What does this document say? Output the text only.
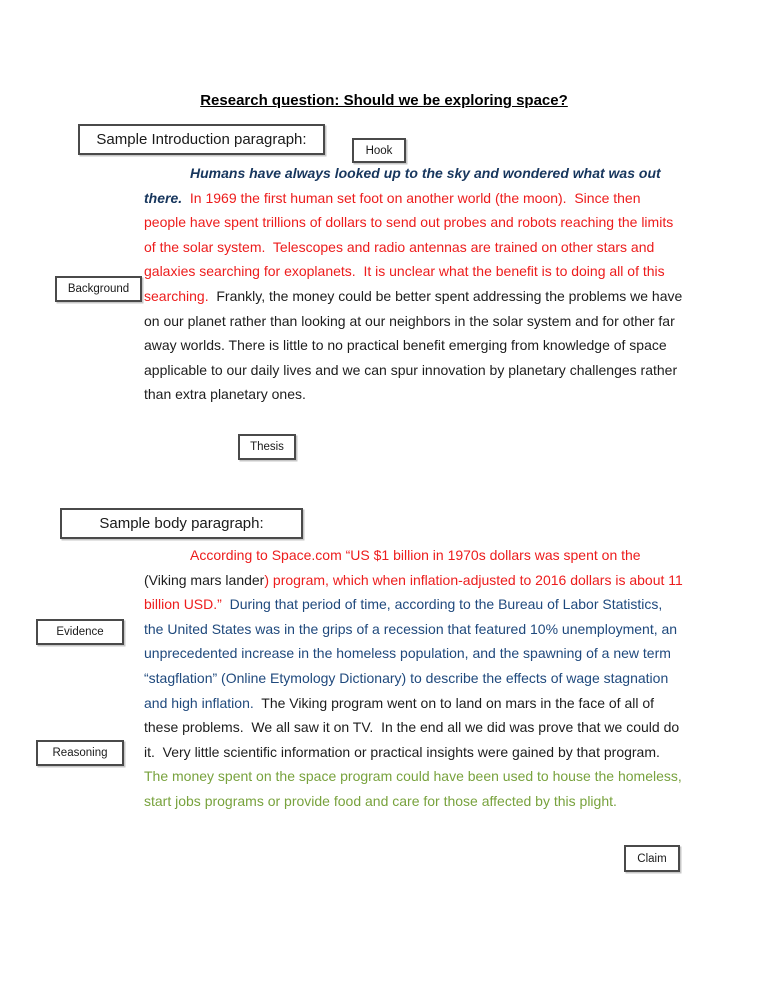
Research question: Should we be exploring space?
Sample Introduction paragraph:
Hook
Humans have always looked up to the sky and wondered what was out there.  In 1969 the first human set foot on another world (the moon).  Since then people have spent trillions of dollars to send out probes and robots reaching the limits of the solar system.  Telescopes and radio antennas are trained on other stars and galaxies searching for exoplanets.  It is unclear what the benefit is to doing all of this searching.  Frankly, the money could be better spent addressing the problems we have on our planet rather than looking at our neighbors in the solar system and for other far away worlds. There is little to no practical benefit emerging from knowledge of space applicable to our daily lives and we can spur innovation by planetary challenges rather than extra planetary ones.
Background
Thesis
Sample body paragraph:
According to Space.com “US $1 billion in 1970s dollars was spent on the (Viking mars lander) program, which when inflation-adjusted to 2016 dollars is about 11 billion USD.”  During that period of time, according to the Bureau of Labor Statistics, the United States was in the grips of a recession that featured 10% unemployment, an unprecedented increase in the homeless population, and the spawning of a new term “stagflation” (Online Etymology Dictionary) to describe the effects of wage stagnation and high inflation.  The Viking program went on to land on mars in the face of all of these problems.  We all saw it on TV.  In the end all we did was prove that we could do it.  Very little scientific information or practical insights were gained by that program.  The money spent on the space program could have been used to house the homeless, start jobs programs or provide food and care for those affected by this plight.
Evidence
Reasoning
Claim
